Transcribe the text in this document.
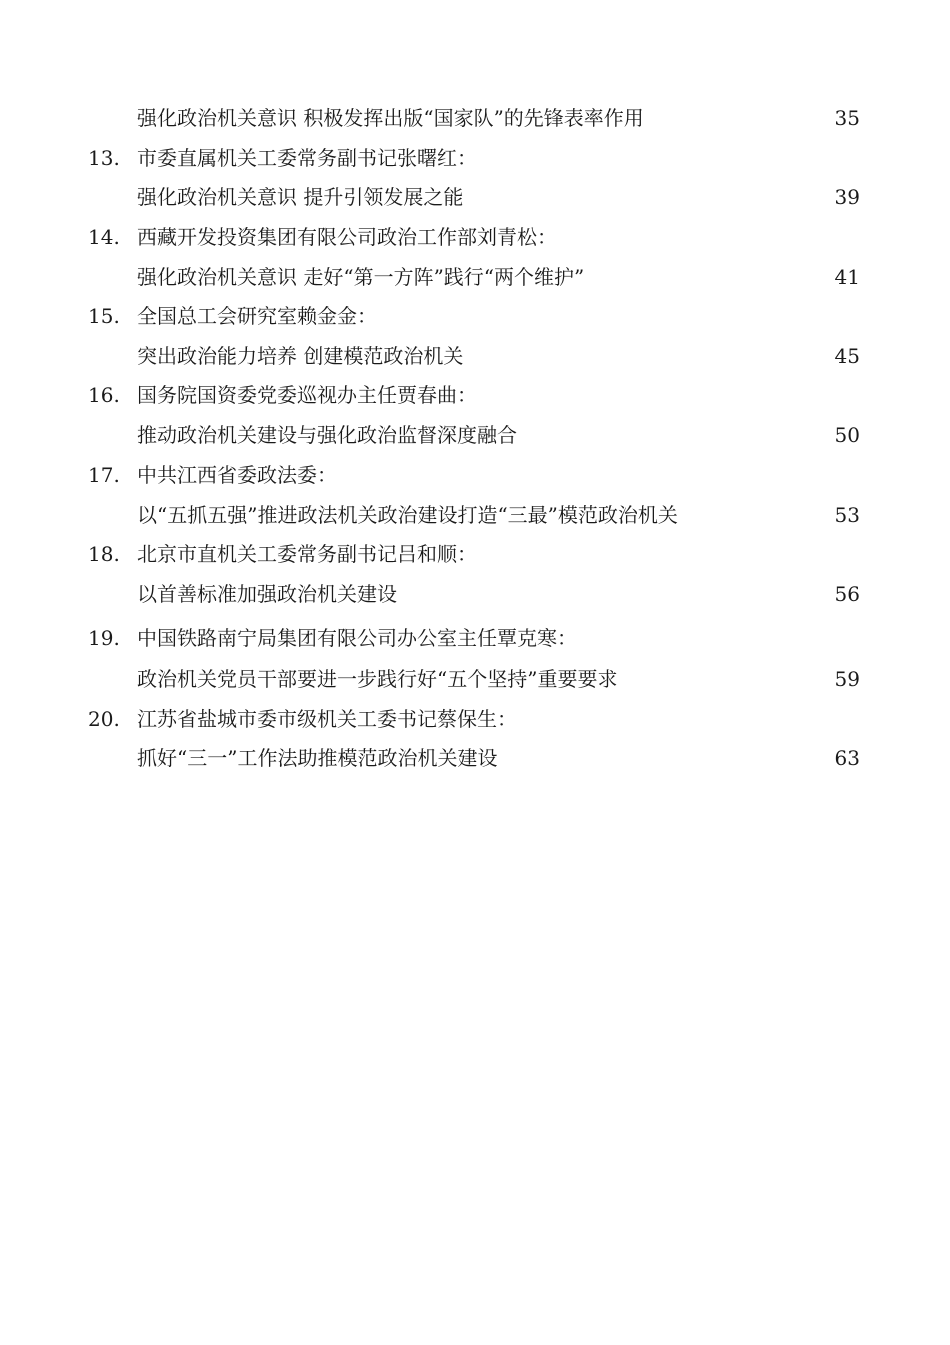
强化政治机关意识 积极发挥出版“国家队”的先锋表率作用	35
13. 市委直属机关工委常务副书记张曙红：
强化政治机关意识 提升引领发展之能	39
14. 西藏开发投资集团有限公司政治工作部刘青松：
强化政治机关意识 走好“第一方阵”践行“两个维护”	41
15. 全国总工会研究室赖金金：
突出政治能力培养 创建模范政治机关	45
16. 国务院国资委党委巡视办主任贾春曲：
推动政治机关建设与强化政治监督深度融合	50
17. 中共江西省委政法委：
以“五抓五强”推进政法机关政治建设打造“三最”模范政治机关	53
18. 北京市直机关工委常务副书记吕和顺：
以首善标准加强政治机关建设	56
19. 中国铁路南宁局集团有限公司办公室主任覃克寒：
政治机关党员干部要进一步践行好“五个坚持”重要要求	59
20. 江苏省盐城市委市级机关工委书记蔡保生：
抓好“三一”工作法助推模范政治机关建设	63
